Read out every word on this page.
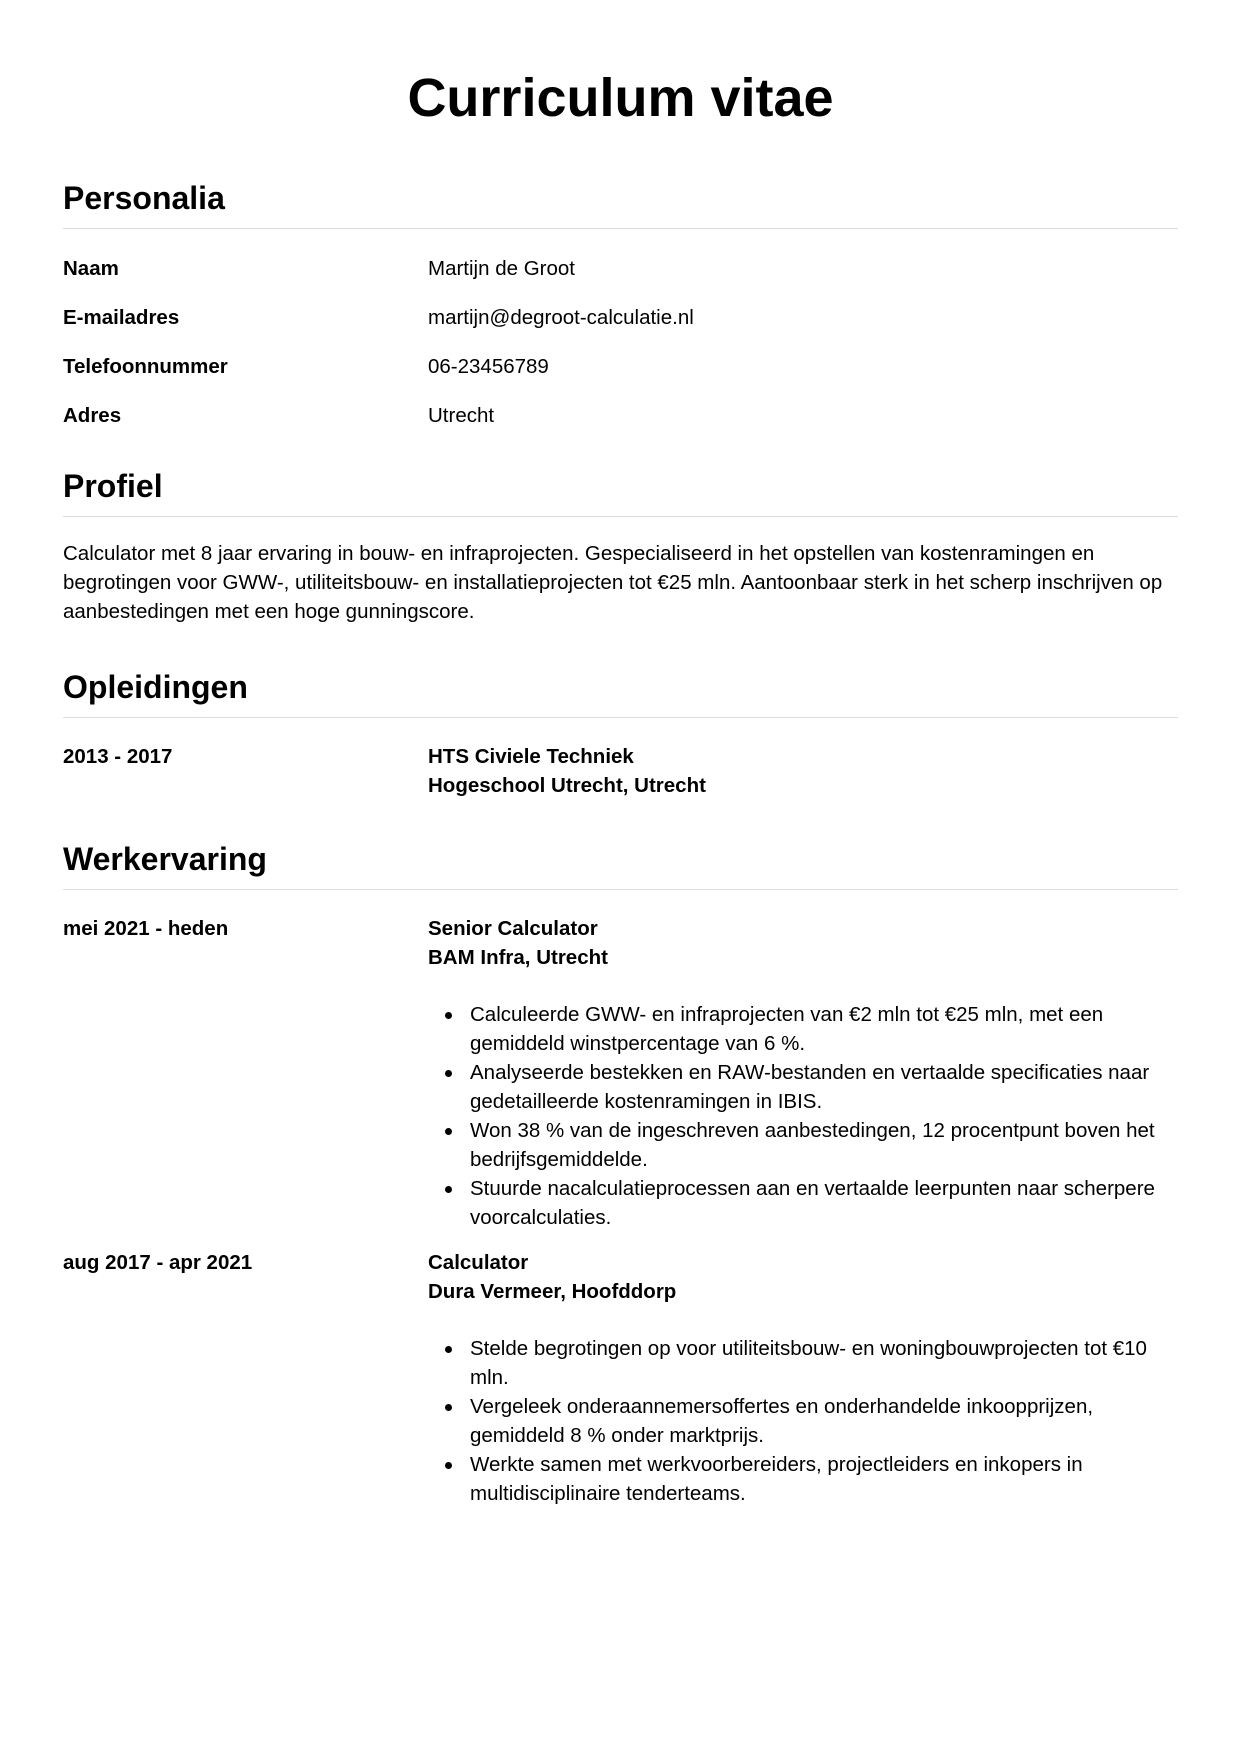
Curriculum vitae
Personalia
Naam	Martijn de Groot
E-mailadres	martijn@degroot-calculatie.nl
Telefoonnummer	06-23456789
Adres	Utrecht
Profiel

Calculator met 8 jaar ervaring in bouw- en infraprojecten. Gespecialiseerd in het opstellen van kostenramingen en begrotingen voor GWW-, utiliteitsbouw- en installatieprojecten tot €25 mln. Aantoonbaar sterk in het scherp inschrijven op aanbestedingen met een hoge gunningscore.

Opleidingen
2013 - 2017	HTS Civiele Techniek
Hogeschool Utrecht, Utrecht
Werkervaring
mei 2021 - heden	Senior Calculator
BAM Infra, Utrecht
Calculeerde GWW- en infraprojecten van €2 mln tot €25 mln, met een gemiddeld winstpercentage van 6 %.
Analyseerde bestekken en RAW-bestanden en vertaalde specificaties naar gedetailleerde kostenramingen in IBIS.
Won 38 % van de ingeschreven aanbestedingen, 12 procentpunt boven het bedrijfsgemiddelde.
Stuurde nacalculatieprocessen aan en vertaalde leerpunten naar scherpere voorcalculaties.
aug 2017 - apr 2021	Calculator
Dura Vermeer, Hoofddorp
Stelde begrotingen op voor utiliteitsbouw- en woningbouwprojecten tot €10 mln.
Vergeleek onderaannemersoffertes en onderhandelde inkoopprijzen, gemiddeld 8 % onder marktprijs.
Werkte samen met werkvoorbereiders, projectleiders en inkopers in multidisciplinaire tenderteams.
